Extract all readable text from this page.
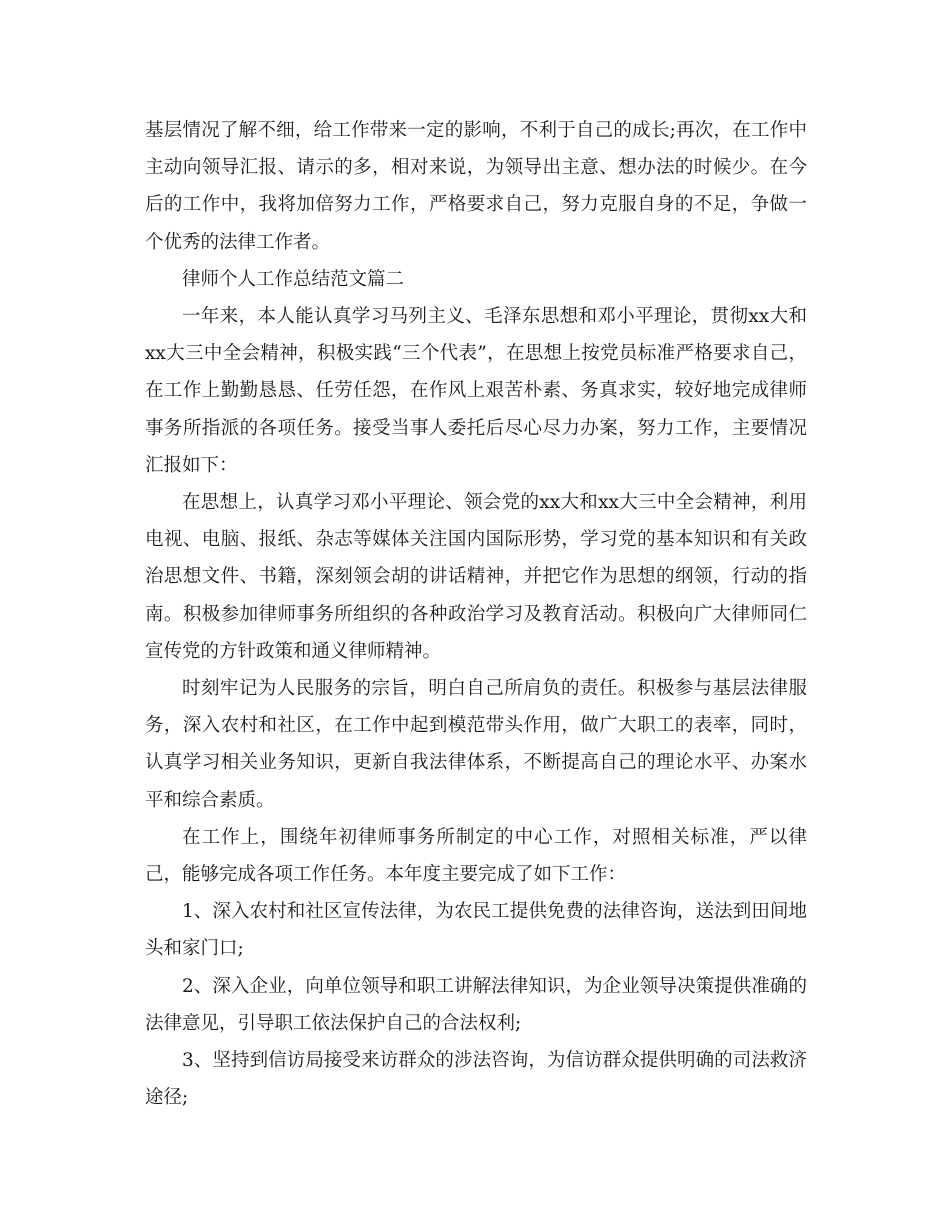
基层情况了解不细，给工作带来一定的影响，不利于自己的成长;再次，在工作中主动向领导汇报、请示的多，相对来说，为领导出主意、想办法的时候少。在今后的工作中，我将加倍努力工作，严格要求自己，努力克服自身的不足，争做一个优秀的法律工作者。

律师个人工作总结范文篇二

一年来，本人能认真学习马列主义、毛泽东思想和邓小平理论，贯彻xx大和xx大三中全会精神，积极实践“三个代表”，在思想上按党员标准严格要求自己，在工作上勤勤恳恳、任劳任怨，在作风上艰苦朴素、务真求实，较好地完成律师事务所指派的各项任务。接受当事人委托后尽心尽力办案，努力工作，主要情况汇报如下：

在思想上，认真学习邓小平理论、领会党的xx大和xx大三中全会精神，利用电视、电脑、报纸、杂志等媒体关注国内国际形势，学习党的基本知识和有关政治思想文件、书籍，深刻领会胡的讲话精神，并把它作为思想的纲领，行动的指南。积极参加律师事务所组织的各种政治学习及教育活动。积极向广大律师同仁宣传党的方针政策和通义律师精神。

时刻牢记为人民服务的宗旨，明白自己所肩负的责任。积极参与基层法律服务，深入农村和社区，在工作中起到模范带头作用，做广大职工的表率，同时，认真学习相关业务知识，更新自我法律体系，不断提高自己的理论水平、办案水平和综合素质。

在工作上，围绕年初律师事务所制定的中心工作，对照相关标准，严以律己，能够完成各项工作任务。本年度主要完成了如下工作：

1、深入农村和社区宣传法律，为农民工提供免费的法律咨询，送法到田间地头和家门口;

2、深入企业，向单位领导和职工讲解法律知识，为企业领导决策提供准确的法律意见，引导职工依法保护自己的合法权利;

3、坚持到信访局接受来访群众的涉法咨询，为信访群众提供明确的司法救济途径;
